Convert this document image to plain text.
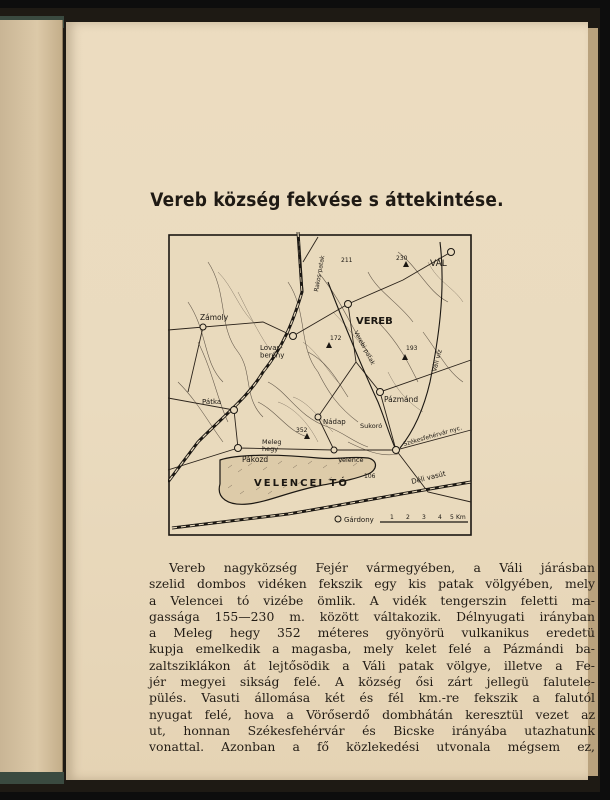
Vereb község fekvése s áttekintése.
VEREB
VÁL
Zámoly
Lovas-berény
Pátka
Nádap
Meleg hegy
Sukoró
Pázmánd
Pákozd	Velence
VELENCEI TÓ
Gárdony
Déli vasút
Váli víz
Verebi patak
Rakos patak
Székesfehérvár nyc.
230
211
172
193
352
106
1 2 3 4 5 Km
Vereb nagyközség Fejér vármegyében, a Váli járásban
szelid dombos vidéken fekszik egy kis patak völgyében, mely
a Velencei tó vizébe ömlik. A vidék tengerszin feletti ma-
gassága 155—230 m. között váltakozik. Délnyugati irányban
a Meleg hegy 352 méteres gyönyörü vulkanikus eredetü
kupja emelkedik a magasba, mely kelet felé a Pázmándi ba-
zaltsziklákon át lejtősödik a Váli patak völgye, illetve a Fe-
jér megyei sikság felé. A község ősi zárt jellegü falutele-
pülés. Vasuti állomása két és fél km.-re fekszik a falutól
nyugat felé, hova a Vörőserdő dombhátán keresztül vezet az
ut, honnan Székesfehérvár és Bicske irányába utazhatunk
vonattal. Azonban a fő közlekedési utvonala mégsem ez,
